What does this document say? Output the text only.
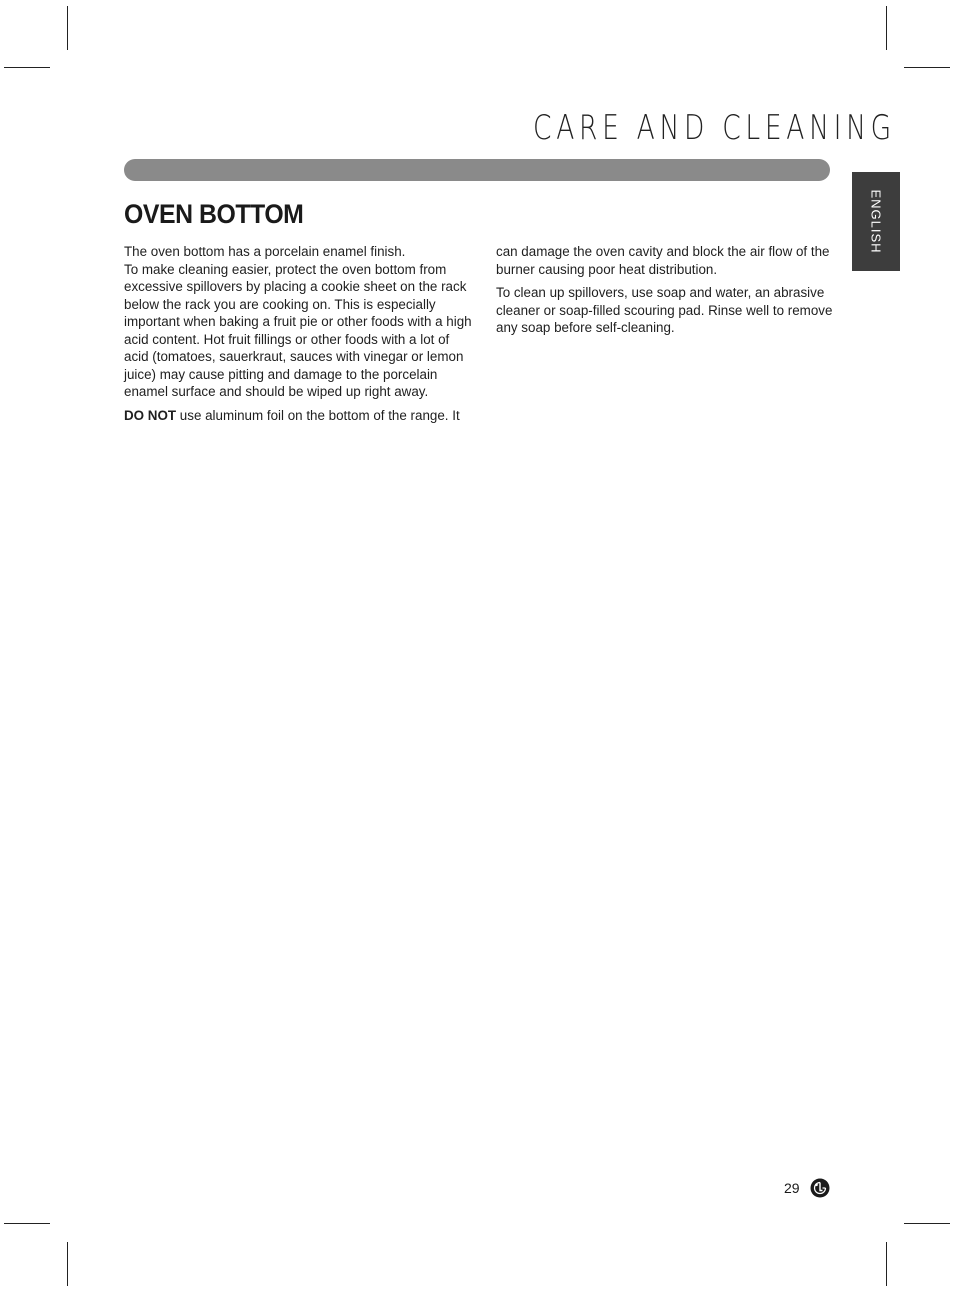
CARE AND CLEANING
ENGLISH
OVEN BOTTOM

The oven bottom has a porcelain enamel finish.
To make cleaning easier, protect the oven bottom from excessive spillovers by placing a cookie sheet on the rack below the rack you are cooking on. This is especially important when baking a fruit pie or other foods with a high acid content. Hot fruit fillings or other foods with a lot of acid (tomatoes, sauerkraut, sauces with vinegar or lemon juice) may cause pitting and damage to the porcelain enamel surface and should be wiped up right away.

DO NOT use aluminum foil on the bottom of the range. It

can damage the oven cavity and block the air flow of the burner causing poor heat distribution.

To clean up spillovers, use soap and water, an abrasive cleaner or soap-filled scouring pad. Rinse well to remove any soap before self-cleaning.

29
